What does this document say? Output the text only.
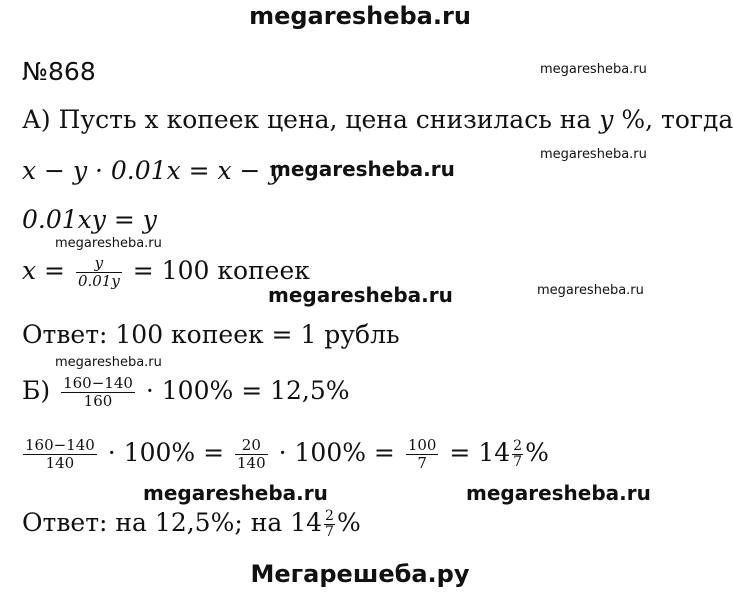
megaresheba.ru
№868	megaresheba.ru
megaresheba.ru
megaresheba.ru
megaresheba.ru
megaresheba.ru
megaresheba.ru
megaresheba.ru
megaresheba.ru	megaresheba.ru
А) Пусть х копеек цена, цена снизилась на y %, тогда
x − y · 0.01x = x − y
0.01xy = y
$x = \frac{y}{0.01y} = 100$ копеек
Ответ: 100 копеек = 1 рубль
$Б) \frac{160-140}{160} \cdot 100\% = 12,5\%$
$\frac{160-140}{140} \cdot 100\% = \frac{20}{140} \cdot 100\% = \frac{100}{7} = 14 \frac{2}{7}$ %
Ответ: на 12,5%; на $14 \frac{2}{7}$ %
Мегарешеба.ру
